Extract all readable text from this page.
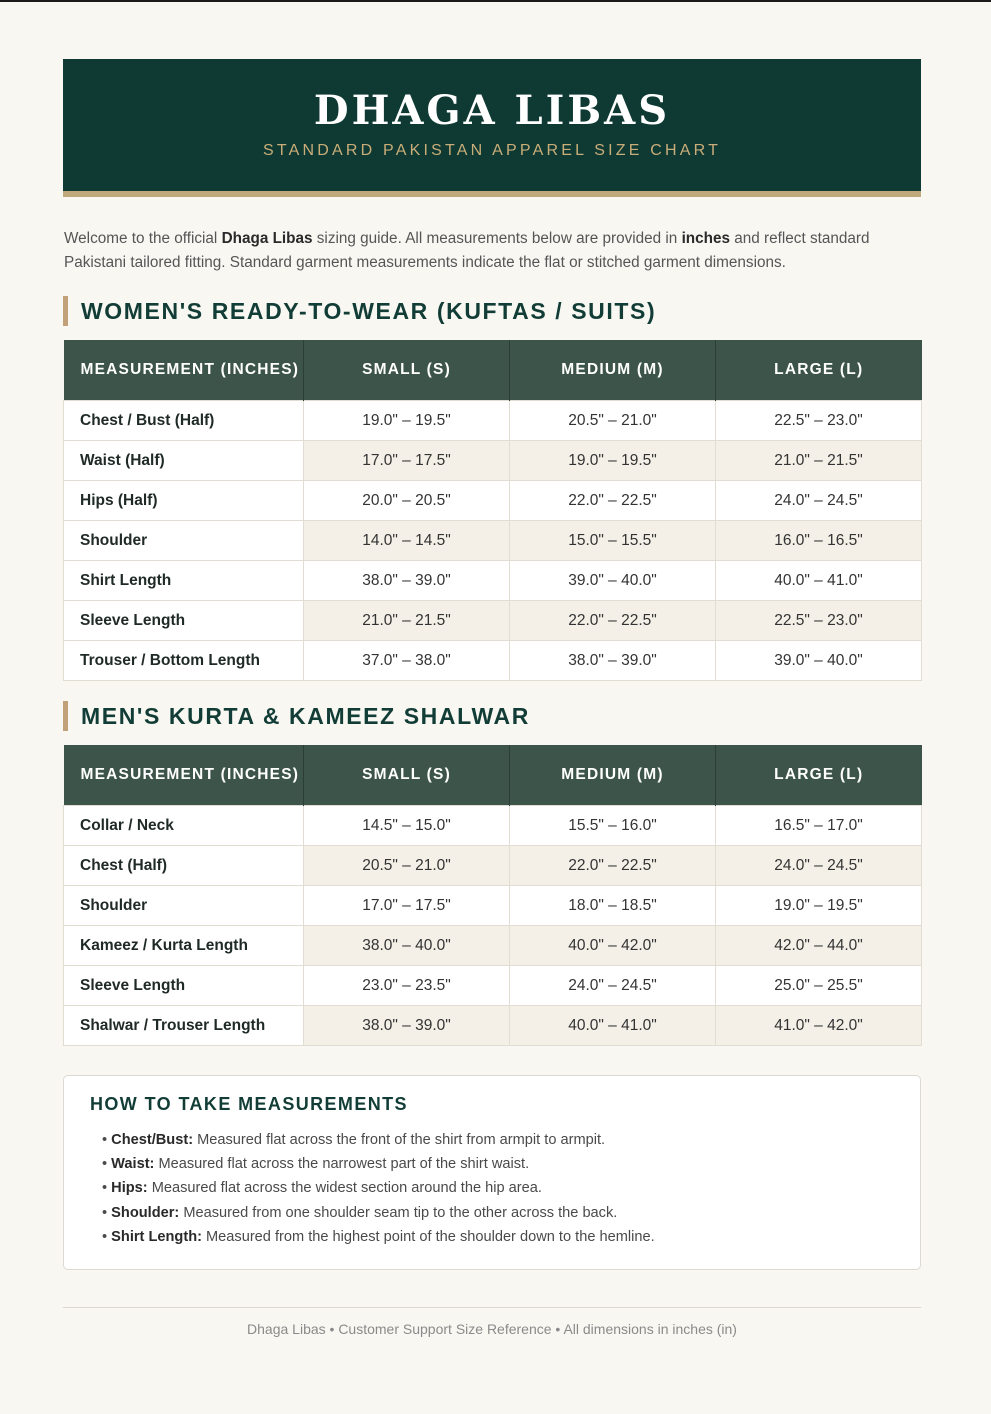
DHAGA LIBAS
STANDARD PAKISTAN APPAREL SIZE CHART
Welcome to the official Dhaga Libas sizing guide. All measurements below are provided in inches and reflect standard Pakistani tailored fitting. Standard garment measurements indicate the flat or stitched garment dimensions.
WOMEN'S READY-TO-WEAR (KUFTAS / SUITS)
MEASUREMENT (INCHES)	SMALL (S)	MEDIUM (M)	LARGE (L)
Chest / Bust (Half)	19.0" – 19.5"	20.5" – 21.0"	22.5" – 23.0"
Waist (Half)	17.0" – 17.5"	19.0" – 19.5"	21.0" – 21.5"
Hips (Half)	20.0" – 20.5"	22.0" – 22.5"	24.0" – 24.5"
Shoulder	14.0" – 14.5"	15.0" – 15.5"	16.0" – 16.5"
Shirt Length	38.0" – 39.0"	39.0" – 40.0"	40.0" – 41.0"
Sleeve Length	21.0" – 21.5"	22.0" – 22.5"	22.5" – 23.0"
Trouser / Bottom Length	37.0" – 38.0"	38.0" – 39.0"	39.0" – 40.0"
MEN'S KURTA & KAMEEZ SHALWAR
MEASUREMENT (INCHES)	SMALL (S)	MEDIUM (M)	LARGE (L)
Collar / Neck	14.5" – 15.0"	15.5" – 16.0"	16.5" – 17.0"
Chest (Half)	20.5" – 21.0"	22.0" – 22.5"	24.0" – 24.5"
Shoulder	17.0" – 17.5"	18.0" – 18.5"	19.0" – 19.5"
Kameez / Kurta Length	38.0" – 40.0"	40.0" – 42.0"	42.0" – 44.0"
Sleeve Length	23.0" – 23.5"	24.0" – 24.5"	25.0" – 25.5"
Shalwar / Trouser Length	38.0" – 39.0"	40.0" – 41.0"	41.0" – 42.0"
HOW TO TAKE MEASUREMENTS
• Chest/Bust: Measured flat across the front of the shirt from armpit to armpit.
• Waist: Measured flat across the narrowest part of the shirt waist.
• Hips: Measured flat across the widest section around the hip area.
• Shoulder: Measured from one shoulder seam tip to the other across the back.
• Shirt Length: Measured from the highest point of the shoulder down to the hemline.
Dhaga Libas • Customer Support Size Reference • All dimensions in inches (in)
